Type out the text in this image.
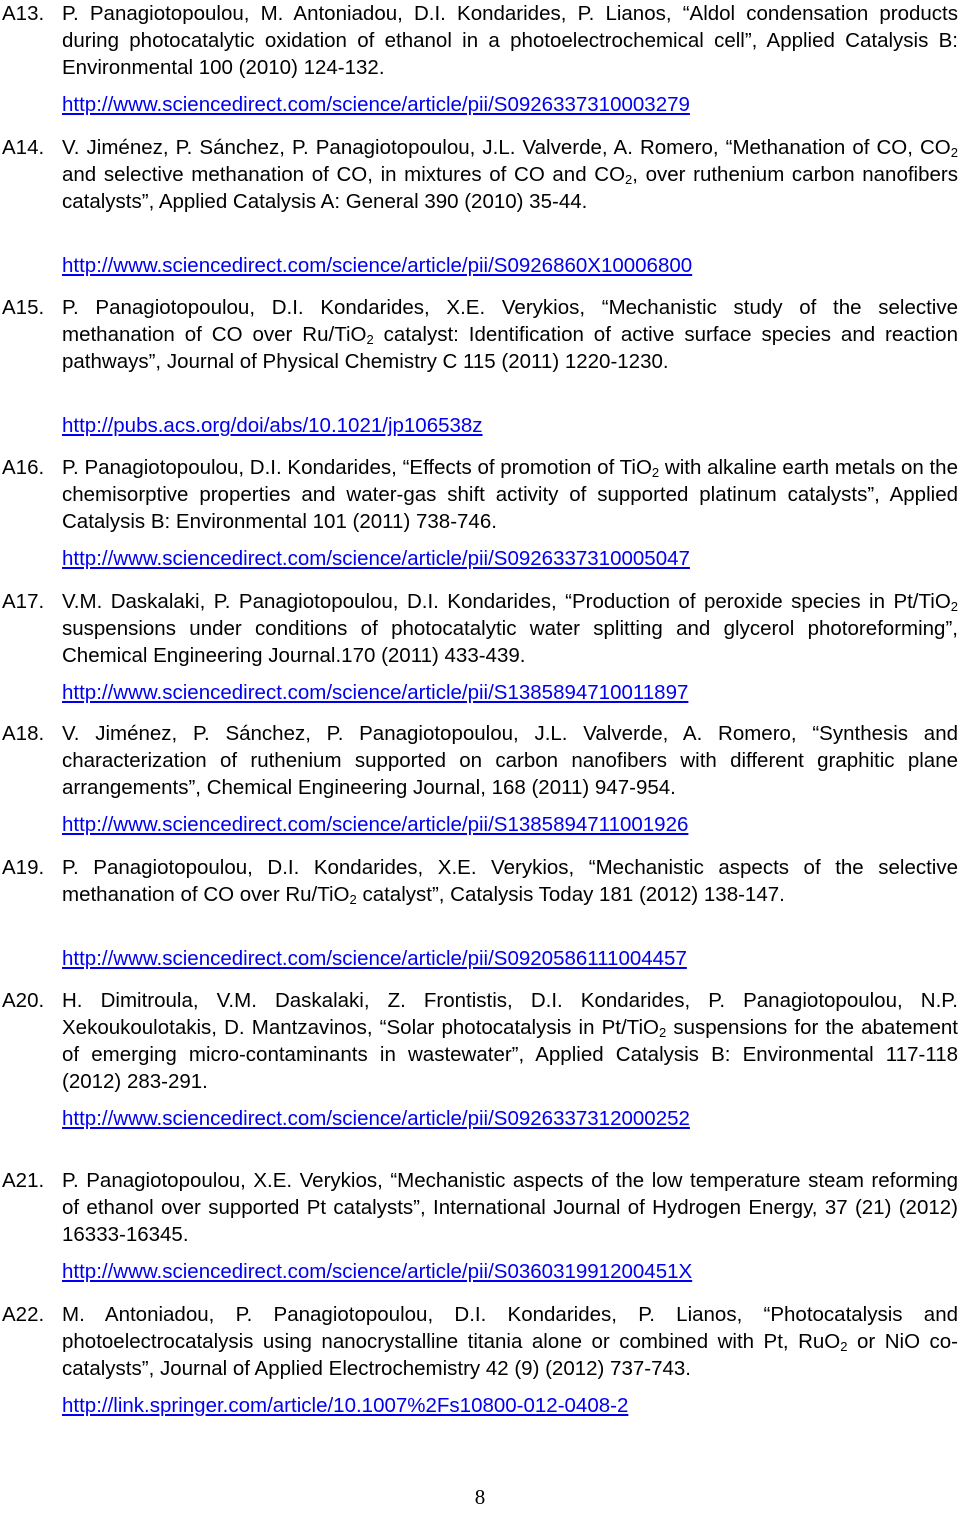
A13. P. Panagiotopoulou, M. Antoniadou, D.I. Kondarides, P. Lianos, “Aldol condensation products during photocatalytic oxidation of ethanol in a photoelectrochemical cell”, Applied Catalysis B: Environmental 100 (2010) 124-132.
http://www.sciencedirect.com/science/article/pii/S0926337310003279
A14. V. Jiménez, P. Sánchez, P. Panagiotopoulou, J.L. Valverde, A. Romero, “Methanation of CO, $CO_2$ and selective methanation of CO, in mixtures of CO and $CO_2$, over ruthenium carbon nanofibers catalysts”, Applied Catalysis A: General 390 (2010) 35-44.
http://www.sciencedirect.com/science/article/pii/S0926860X10006800
A15. P. Panagiotopoulou, D.I. Kondarides, X.E. Verykios, “Mechanistic study of the selective methanation of CO over Ru/TiO$_2$ catalyst: Identification of active surface species and reaction pathways”, Journal of Physical Chemistry C 115 (2011) 1220-1230.
http://pubs.acs.org/doi/abs/10.1021/jp106538z
A16. P. Panagiotopoulou, D.I. Kondarides, “Effects of promotion of TiO$_2$ with alkaline earth metals on the chemisorptive properties and water-gas shift activity of supported platinum catalysts”, Applied Catalysis B: Environmental 101 (2011) 738-746.
http://www.sciencedirect.com/science/article/pii/S0926337310005047
A17. V.M. Daskalaki, P. Panagiotopoulou, D.I. Kondarides, “Production of peroxide species in Pt/TiO$_2$ suspensions under conditions of photocatalytic water splitting and glycerol photoreforming”, Chemical Engineering Journal.170 (2011) 433-439.
http://www.sciencedirect.com/science/article/pii/S1385894710011897
A18. V. Jiménez, P. Sánchez, P. Panagiotopoulou, J.L. Valverde, A. Romero, “Synthesis and characterization of ruthenium supported on carbon nanofibers with different graphitic plane arrangements”, Chemical Engineering Journal, 168 (2011) 947-954.
http://www.sciencedirect.com/science/article/pii/S1385894711001926
A19. P. Panagiotopoulou, D.I. Kondarides, X.E. Verykios, “Mechanistic aspects of the selective methanation of CO over Ru/TiO$_2$ catalyst”, Catalysis Today 181 (2012) 138-147.
http://www.sciencedirect.com/science/article/pii/S0920586111004457
A20. H. Dimitroula, V.M. Daskalaki, Z. Frontistis, D.I. Kondarides, P. Panagiotopoulou, N.P. Xekoukoulotakis, D. Mantzavinos, “Solar photocatalysis in Pt/TiO$_2$ suspensions for the abatement of emerging micro-contaminants in wastewater”, Applied Catalysis B: Environmental 117-118 (2012) 283-291.
http://www.sciencedirect.com/science/article/pii/S0926337312000252
A21. P. Panagiotopoulou, X.E. Verykios, “Mechanistic aspects of the low temperature steam reforming of ethanol over supported Pt catalysts”, International Journal of Hydrogen Energy, 37 (21) (2012) 16333-16345.
http://www.sciencedirect.com/science/article/pii/S036031991200451X
A22. M. Antoniadou, P. Panagiotopoulou, D.I. Kondarides, P. Lianos, “Photocatalysis and photoelectrocatalysis using nanocrystalline titania alone or combined with Pt, RuO$_2$ or NiO co-catalysts”, Journal of Applied Electrochemistry 42 (9) (2012) 737-743.
http://link.springer.com/article/10.1007%2Fs10800-012-0408-2
8
